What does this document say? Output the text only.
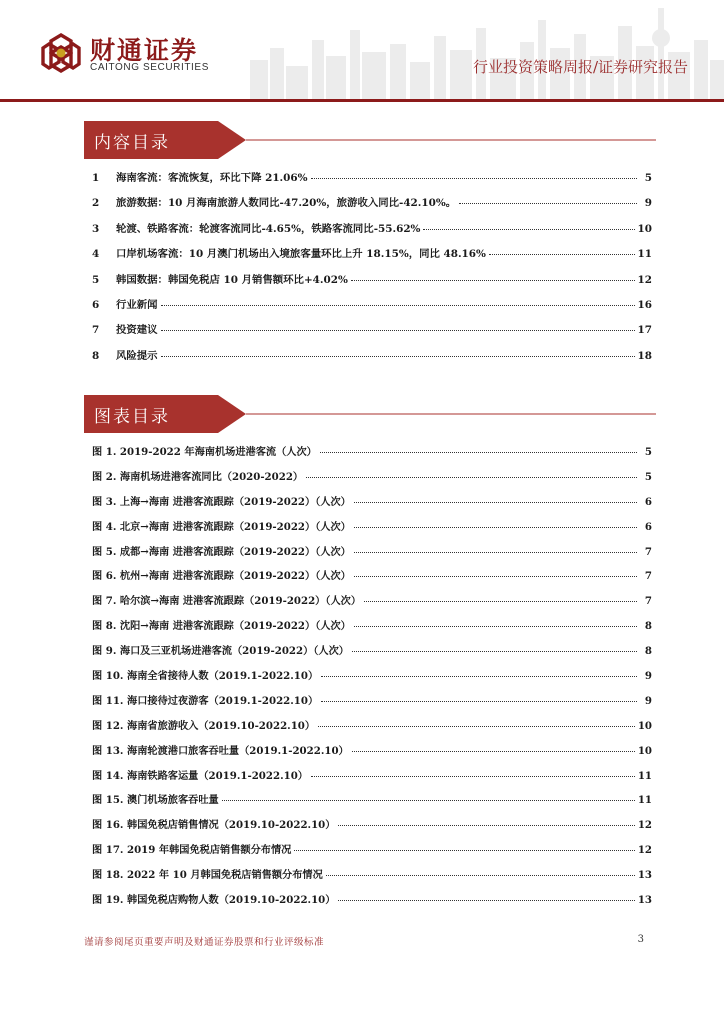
财通证券
CAITONG SECURITIES	行业投资策略周报/证券研究报告
内容目录
1	海南客流：客流恢复，环比下降 21.06%	5
2	旅游数据：10 月海南旅游人数同比-47.20%，旅游收入同比-42.10%。	9
3	轮渡、铁路客流：轮渡客流同比-4.65%，铁路客流同比-55.62%	10
4	口岸机场客流：10 月澳门机场出入境旅客量环比上升 18.15%，同比 48.16%	11
5	韩国数据：韩国免税店 10 月销售额环比+4.02%	12
6	行业新闻	16
7	投资建议	17
8	风险提示	18
图表目录
图 1. 2019-2022 年海南机场进港客流（人次）	5
图 2. 海南机场进港客流同比（2020-2022）	5
图 3. 上海→海南 进港客流跟踪（2019-2022）（人次）	6
图 4. 北京→海南 进港客流跟踪（2019-2022）（人次）	6
图 5. 成都→海南 进港客流跟踪（2019-2022）（人次）	7
图 6. 杭州→海南 进港客流跟踪（2019-2022）（人次）	7
图 7. 哈尔滨→海南 进港客流跟踪（2019-2022）（人次）	7
图 8. 沈阳→海南 进港客流跟踪（2019-2022）（人次）	8
图 9. 海口及三亚机场进港客流（2019-2022）（人次）	8
图 10. 海南全省接待人数（2019.1-2022.10）	9
图 11. 海口接待过夜游客（2019.1-2022.10）	9
图 12. 海南省旅游收入（2019.10-2022.10）	10
图 13. 海南轮渡港口旅客吞吐量（2019.1-2022.10）	10
图 14. 海南铁路客运量（2019.1-2022.10）	11
图 15. 澳门机场旅客吞吐量	11
图 16. 韩国免税店销售情况（2019.10-2022.10）	12
图 17. 2019 年韩国免税店销售额分布情况	12
图 18. 2022 年 10 月韩国免税店销售额分布情况	13
图 19. 韩国免税店购物人数（2019.10-2022.10）	13
谨请参阅尾页重要声明及财通证券股票和行业评级标准	3
